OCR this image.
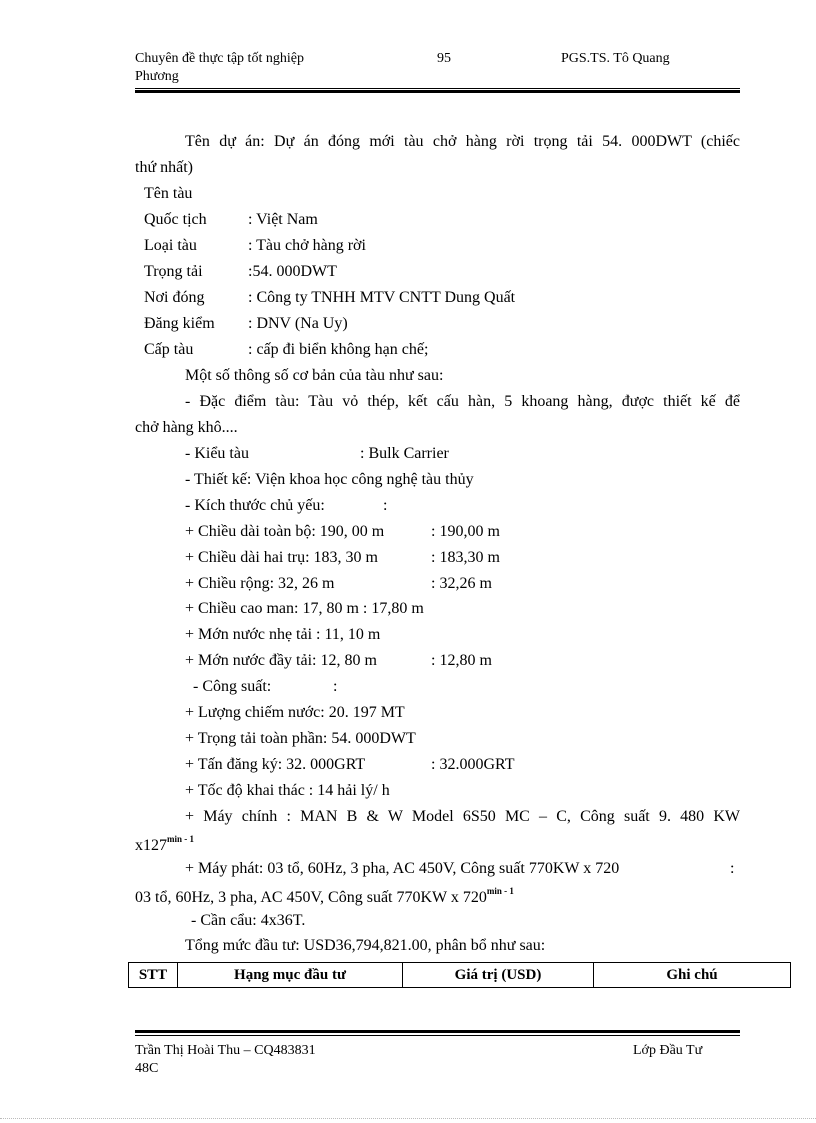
Chuyên đề thực tập tốt nghiệp
Phương
95	PGS.TS. Tô Quang
Tên dự án: Dự án đóng mới tàu chở hàng rời trọng tải 54. 000DWT (chiếc
thứ nhất)
Tên tàu
Quốc tịch	: Việt Nam
Loại tàu	: Tàu chở hàng rời
Trọng tải	:54. 000DWT
Nơi đóng	: Công ty TNHH MTV CNTT Dung Quất
Đăng kiểm : DNV (Na Uy)
Cấp tàu	: cấp đi biển không hạn chế;
Một số thông số cơ bản của tàu như sau:
- Đặc điểm tàu: Tàu vỏ thép, kết cấu hàn, 5 khoang hàng, được thiết kế để
chở hàng khô....
- Kiểu tàu	: Bulk Carrier
- Thiết kế: Viện khoa học công nghệ tàu thủy
- Kích thước chủ yếu:	:
+ Chiều dài toàn bộ: 190, 00 m	: 190,00 m
+ Chiều dài hai trụ: 183, 30 m	: 183,30 m
+ Chiều rộng: 32, 26 m	: 32,26 m
+ Chiều cao man: 17, 80 m : 17,80 m
+ Mớn nước nhẹ tải : 11, 10 m
+ Mớn nước đầy tải: 12, 80 m	: 12,80 m
- Công suất:	:
+ Lượng chiếm nước: 20. 197 MT
+ Trọng tải toàn phần: 54. 000DWT
+ Tấn đăng ký: 32. 000GRT	: 32.000GRT
+ Tốc độ khai thác : 14 hải lý/ h
+ Máy chính : MAN B & W Model 6S50 MC – C, Công suất 9. 480 KW
$x127^{min - 1}$
+ Máy phát: 03 tổ, 60Hz, 3 pha, AC 450V, Công suất 770KW x 720	:
03 tổ, 60Hz, 3 pha, AC 450V, Công suất 770KW x $720^{min - 1}$
- Cần cẩu: 4x36T.
Tổng mức đầu tư: USD36,794,821.00, phân bổ như sau:
STT	Hạng mục đầu tư	Giá trị (USD)	Ghi chú
Trần Thị Hoài Thu – CQ483831
48C
Lớp Đầu Tư
